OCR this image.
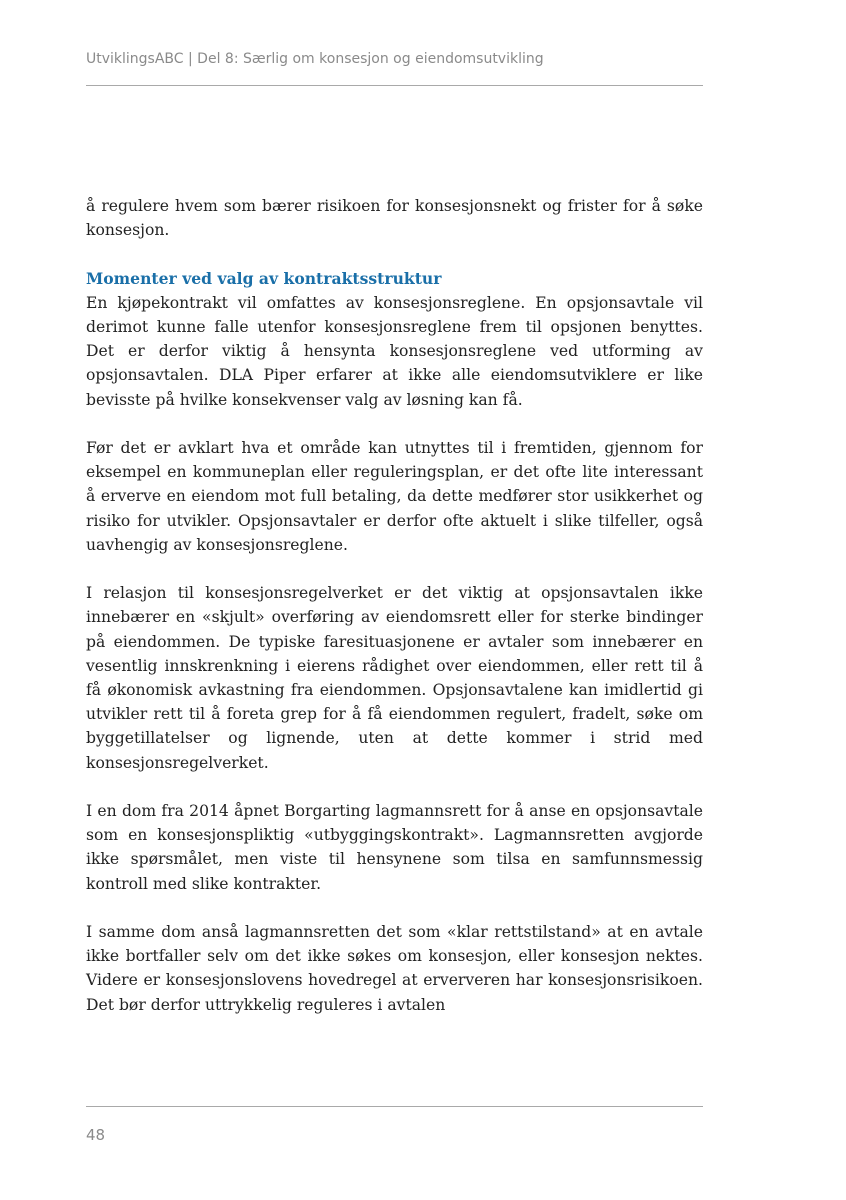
UtviklingsABC | Del 8: Særlig om konsesjon og eiendomsutvikling

å regulere hvem som bærer risikoen for konsesjonsnekt og frister for å søke konsesjon.

Momenter ved valg av kontraktsstruktur

En kjøpekontrakt vil omfattes av konsesjonsreglene. En opsjonsavtale vil derimot kunne falle utenfor konsesjonsreglene frem til opsjonen benyttes. Det er derfor viktig å hensynta konsesjonsreglene ved utforming av opsjonsavtalen. DLA Piper erfarer at ikke alle eiendomsutviklere er like bevisste på hvilke konsekvenser valg av løsning kan få.

Før det er avklart hva et område kan utnyttes til i fremtiden, gjennom for eksempel en kommuneplan eller reguleringsplan, er det ofte lite interessant å erverve en eiendom mot full betaling, da dette medfører stor usikkerhet og risiko for utvikler. Opsjonsavtaler er derfor ofte aktuelt i slike tilfeller, også uavhengig av konsesjonsreglene.

I relasjon til konsesjonsregelverket er det viktig at opsjonsavtalen ikke innebærer en «skjult» overføring av eiendomsrett eller for sterke bindinger på eiendommen. De typiske faresituasjonene er avtaler som innebærer en vesentlig innskrenkning i eierens rådighet over eiendommen, eller rett til å få økonomisk avkastning fra eiendommen. Opsjonsavtalene kan imidlertid gi utvikler rett til å foreta grep for å få eiendommen regulert, fradelt, søke om byggetillatelser og lignende, uten at dette kommer i strid med konsesjonsregelverket.

I en dom fra 2014 åpnet Borgarting lagmannsrett for å anse en opsjonsavtale som en konsesjonspliktig «utbyggingskontrakt». Lagmannsretten avgjorde ikke spørsmålet, men viste til hensynene som tilsa en samfunnsmessig kontroll med slike kontrakter.

I samme dom anså lagmannsretten det som «klar rettstilstand» at en avtale ikke bortfaller selv om det ikke søkes om konsesjon, eller konsesjon nektes. Videre er konsesjonslovens hovedregel at erververen har konsesjonsrisikoen. Det bør derfor uttrykkelig reguleres i avtalen

48
